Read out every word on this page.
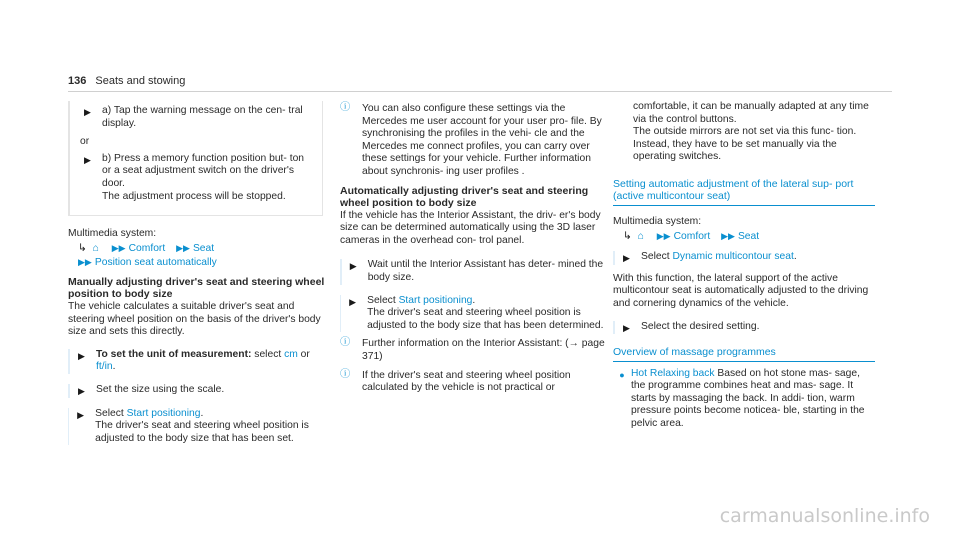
136 Seats and stowing
▶ a) Tap the warning message on the cen- tral display.

or
▶ b) Press a memory function position but- ton or a seat adjustment switch on the driver's door.

The adjustment process will be stopped.

Multimedia system:
↳ ⌂ ▶▶ Comfort ▶▶ Seat
▶▶ Position seat automatically
Manually adjusting driver's seat and steering wheel position to body size
The vehicle calculates a suitable driver's seat and steering wheel position on the basis of the driver's body size and sets this directly.
▶ To set the unit of measurement: select cm or
ft/in.

▶ Set the size using the scale.

▶ Select Start positioning.

The driver's seat and steering wheel position is adjusted to the body size that has been set.

ⓘ	You can also configure these settings via the Mercedes me user account for your user pro- file. By synchronising the profiles in the vehi- cle and the Mercedes me connect profiles, you can carry over these settings for your vehicle. Further information about synchronis- ing user profiles .
Automatically adjusting driver's seat and steering wheel position to body size
If the vehicle has the Interior Assistant, the driv- er's body size can be determined automatically using the 3D laser cameras in the overhead con- trol panel.
▶ Wait until the Interior Assistant has deter- mined the body size.

▶ Select Start positioning.

The driver's seat and steering wheel position is adjusted to the body size that has been determined.

ⓘ	Further information on the Interior Assistant: (→ page 371)
ⓘ	If the driver's seat and steering wheel position calculated by the vehicle is not practical or
comfortable, it can be manually adapted at any time via the control buttons.
The outside mirrors are not set via this func- tion. Instead, they have to be set manually via the operating switches.
Setting automatic adjustment of the lateral sup- port (active multicontour seat)
Multimedia system:
↳ ⌂ ▶▶ Comfort ▶▶ Seat
▶ Select Dynamic multicontour seat.

With this function, the lateral support of the active multicontour seat is automatically adjusted to the driving and cornering dynamics of the vehicle.
▶ Select the desired setting.

Overview of massage programmes
● Hot Relaxing back Based on hot stone mas- sage, the programme combines heat and mas- sage. It starts by massaging the back. In addi- tion, warm pressure points become noticea- ble, starting in the pelvic area.
carmanualsonline.info
